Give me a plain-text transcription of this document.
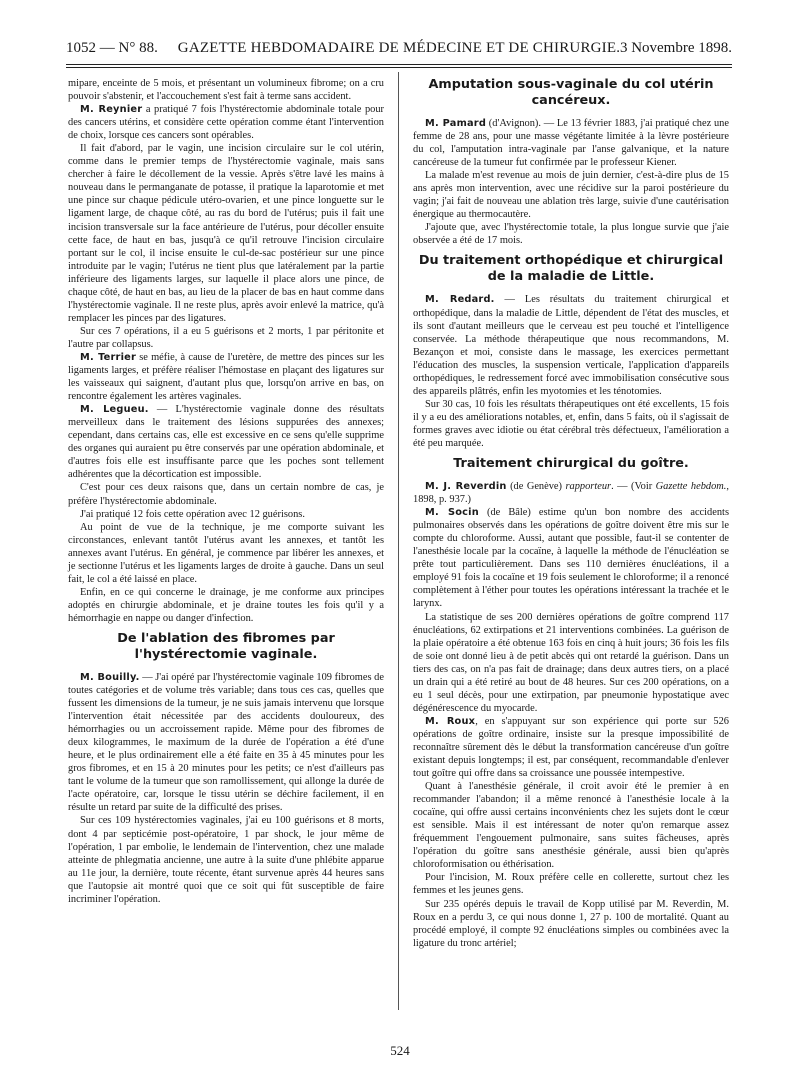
1052 — N° 88.	GAZETTE HEBDOMADAIRE DE MÉDECINE ET DE CHIRURGIE. 3 Novembre 1898.

mipare, enceinte de 5 mois, et présentant un volumineux fibrome; on a cru pouvoir s'abstenir, et l'accouchement s'est fait à terme sans accident.

M. Reynier a pratiqué 7 fois l'hystérectomie abdominale totale pour des cancers utérins, et considère cette opération comme étant l'intervention de choix, lorsque ces cancers sont opérables.

Il fait d'abord, par le vagin, une incision circulaire sur le col utérin, comme dans le premier temps de l'hystérectomie vaginale, mais sans chercher à faire le décollement de la vessie. Après s'être lavé les mains à nouveau dans le permanganate de potasse, il pratique la laparotomie et met une pince sur chaque pédicule utéro-ovarien, et une pince longuette sur le ligament large, de chaque côté, au ras du bord de l'utérus; puis il fait une incision transversale sur la face antérieure de l'utérus, pour décoller ensuite cette face, de haut en bas, jusqu'à ce qu'il retrouve l'incision circulaire portant sur le col, il incise ensuite le cul-de-sac postérieur sur une pince introduite par le vagin; l'utérus ne tient plus que latéralement par la partie inférieure des ligaments larges, sur laquelle il place alors une pince, de chaque côté, de haut en bas, au lieu de la placer de bas en haut comme dans l'hystérectomie vaginale. Il ne reste plus, après avoir enlevé la matrice, qu'à remplacer les pinces par des ligatures.

Sur ces 7 opérations, il a eu 5 guérisons et 2 morts, 1 par péritonite et l'autre par collapsus.

M. Terrier se méfie, à cause de l'uretère, de mettre des pinces sur les ligaments larges, et préfère réaliser l'hémostase en plaçant des ligatures sur les vaisseaux qui saignent, d'autant plus que, lorsqu'on arrive en bas, on rencontre également les artères vaginales.

M. Legueu. — L'hystérectomie vaginale donne des résultats merveilleux dans le traitement des lésions suppurées des annexes; cependant, dans certains cas, elle est excessive en ce sens qu'elle supprime des organes qui auraient pu être conservés par une opération abdominale, et d'autres fois elle est insuffisante parce que les poches sont tellement adhérentes que la décortication est impossible.

C'est pour ces deux raisons que, dans un certain nombre de cas, je préfère l'hystérectomie abdominale.

J'ai pratiqué 12 fois cette opération avec 12 guérisons.

Au point de vue de la technique, je me comporte suivant les circonstances, enlevant tantôt l'utérus avant les annexes, et tantôt les annexes avant l'utérus. En général, je commence par libérer les annexes, et je sectionne l'utérus et les ligaments larges de droite à gauche. Dans un seul fait, le col a été laissé en place.

Enfin, en ce qui concerne le drainage, je me conforme aux principes adoptés en chirurgie abdominale, et je draine toutes les fois qu'il y a hémorrhagie en nappe ou danger d'infection.

De l'ablation des fibromes par l'hystérectomie vaginale.

M. Bouilly. — J'ai opéré par l'hystérectomie vaginale 109 fibromes de toutes catégories et de volume très variable; dans tous ces cas, quelles que fussent les dimensions de la tumeur, je ne suis jamais intervenu que lorsque l'intervention était nécessitée par des accidents douloureux, des hémorrhagies ou un accroissement rapide. Même pour des fibromes de deux kilogrammes, le maximum de la durée de l'opération a été d'une heure, et le plus ordinairement elle a été faite en 35 à 45 minutes pour les gros fibromes, et en 15 à 20 minutes pour les petits; ce n'est d'ailleurs pas tant le volume de la tumeur que son ramollissement, qui allonge la durée de l'acte opératoire, car, lorsque le tissu utérin se déchire facilement, il en résulte un retard par suite de la difficulté des prises.

Sur ces 109 hystérectomies vaginales, j'ai eu 100 guérisons et 8 morts, dont 4 par septicémie post-opératoire, 1 par shock, le jour même de l'opération, 1 par embolie, le lendemain de l'intervention, chez une malade atteinte de phlegmatia ancienne, une autre à la suite d'une phlébite apparue au 11e jour, la dernière, toute récente, étant survenue après 44 heures sans que l'autopsie ait montré quoi que ce soit qui fût susceptible de faire incriminer l'opération.

Amputation sous-vaginale du col utérin cancéreux.

M. Pamard (d'Avignon). — Le 13 février 1883, j'ai pratiqué chez une femme de 28 ans, pour une masse végétante limitée à la lèvre postérieure du col, l'amputation intra-vaginale par l'anse galvanique, et la nature cancéreuse de la tumeur fut confirmée par le professeur Kiener.

La malade m'est revenue au mois de juin dernier, c'est-à-dire plus de 15 ans après mon intervention, avec une récidive sur la paroi postérieure du vagin; j'ai fait de nouveau une ablation très large, suivie d'une cautérisation énergique au thermocautère.

J'ajoute que, avec l'hystérectomie totale, la plus longue survie que j'aie observée a été de 17 mois.

Du traitement orthopédique et chirurgical de la maladie de Little.

M. Redard. — Les résultats du traitement chirurgical et orthopédique, dans la maladie de Little, dépendent de l'état des muscles, et ils sont d'autant meilleurs que le cerveau est peu touché et l'intelligence conservée. La méthode thérapeutique que nous recommandons, M. Bezançon et moi, consiste dans le massage, les exercices permettant l'éducation des muscles, la suspension verticale, l'application d'appareils orthopédiques, le redressement forcé avec immobilisation consécutive sous des appareils plâtrés, enfin les myotomies et les ténotomies.

Sur 30 cas, 10 fois les résultats thérapeutiques ont été excellents, 15 fois il y a eu des améliorations notables, et, enfin, dans 5 faits, où il s'agissait de formes graves avec idiotie ou état cérébral très défectueux, l'amélioration a été peu marquée.

Traitement chirurgical du goître.

M. J. Reverdin (de Genève) rapporteur. — (Voir Gazette hebdom., 1898, p. 937.)

M. Socin (de Bâle) estime qu'un bon nombre des accidents pulmonaires observés dans les opérations de goître doivent être mis sur le compte du chloroforme. Aussi, autant que possible, faut-il se contenter de l'anesthésie locale par la cocaïne, à laquelle la méthode de l'énucléation se prête tout particulièrement. Dans ses 110 dernières énucléations, il a employé 91 fois la cocaïne et 19 fois seulement le chloroforme; il a renoncé complètement à l'éther pour toutes les opérations intéressant la trachée et le larynx.

La statistique de ses 200 dernières opérations de goître comprend 117 énucléations, 62 extirpations et 21 interventions combinées. La guérison de la plaie opératoire a été obtenue 163 fois en cinq à huit jours; 36 fois les fils de soie ont donné lieu à de petit abcès qui ont retardé la guérison. Dans un tiers des cas, on n'a pas fait de drainage; dans deux autres tiers, on a placé un drain qui a été retiré au bout de 48 heures. Sur ces 200 opérations, on a eu 1 seul décès, pour une extirpation, par pneumonie hypostatique avec dégénérescence du myocarde.

M. Roux, en s'appuyant sur son expérience qui porte sur 526 opérations de goître ordinaire, insiste sur la presque impossibilité de reconnaître sûrement dès le début la transformation cancéreuse d'un goître existant depuis longtemps; il est, par conséquent, recommandable d'enlever tout goître qui offre dans sa croissance une poussée intempestive.

Quant à l'anesthésie générale, il croit avoir été le premier à en recommander l'abandon; il a même renoncé à l'anesthésie locale à la cocaïne, qui offre aussi certains inconvénients chez les sujets dont le cœur est sensible. Mais il est intéressant de noter qu'on remarque assez fréquemment l'engouement pulmonaire, sans suites fâcheuses, après l'opération du goître sans anesthésie générale, aussi bien qu'après chloroformisation ou éthérisation.

Pour l'incision, M. Roux préfère celle en collerette, surtout chez les femmes et les jeunes gens.

Sur 235 opérés depuis le travail de Kopp utilisé par M. Reverdin, M. Roux en a perdu 3, ce qui nous donne 1, 27 p. 100 de mortalité. Quant au procédé employé, il compte 92 énucléations simples ou combinées avec la ligature du tronc artériel;

524
